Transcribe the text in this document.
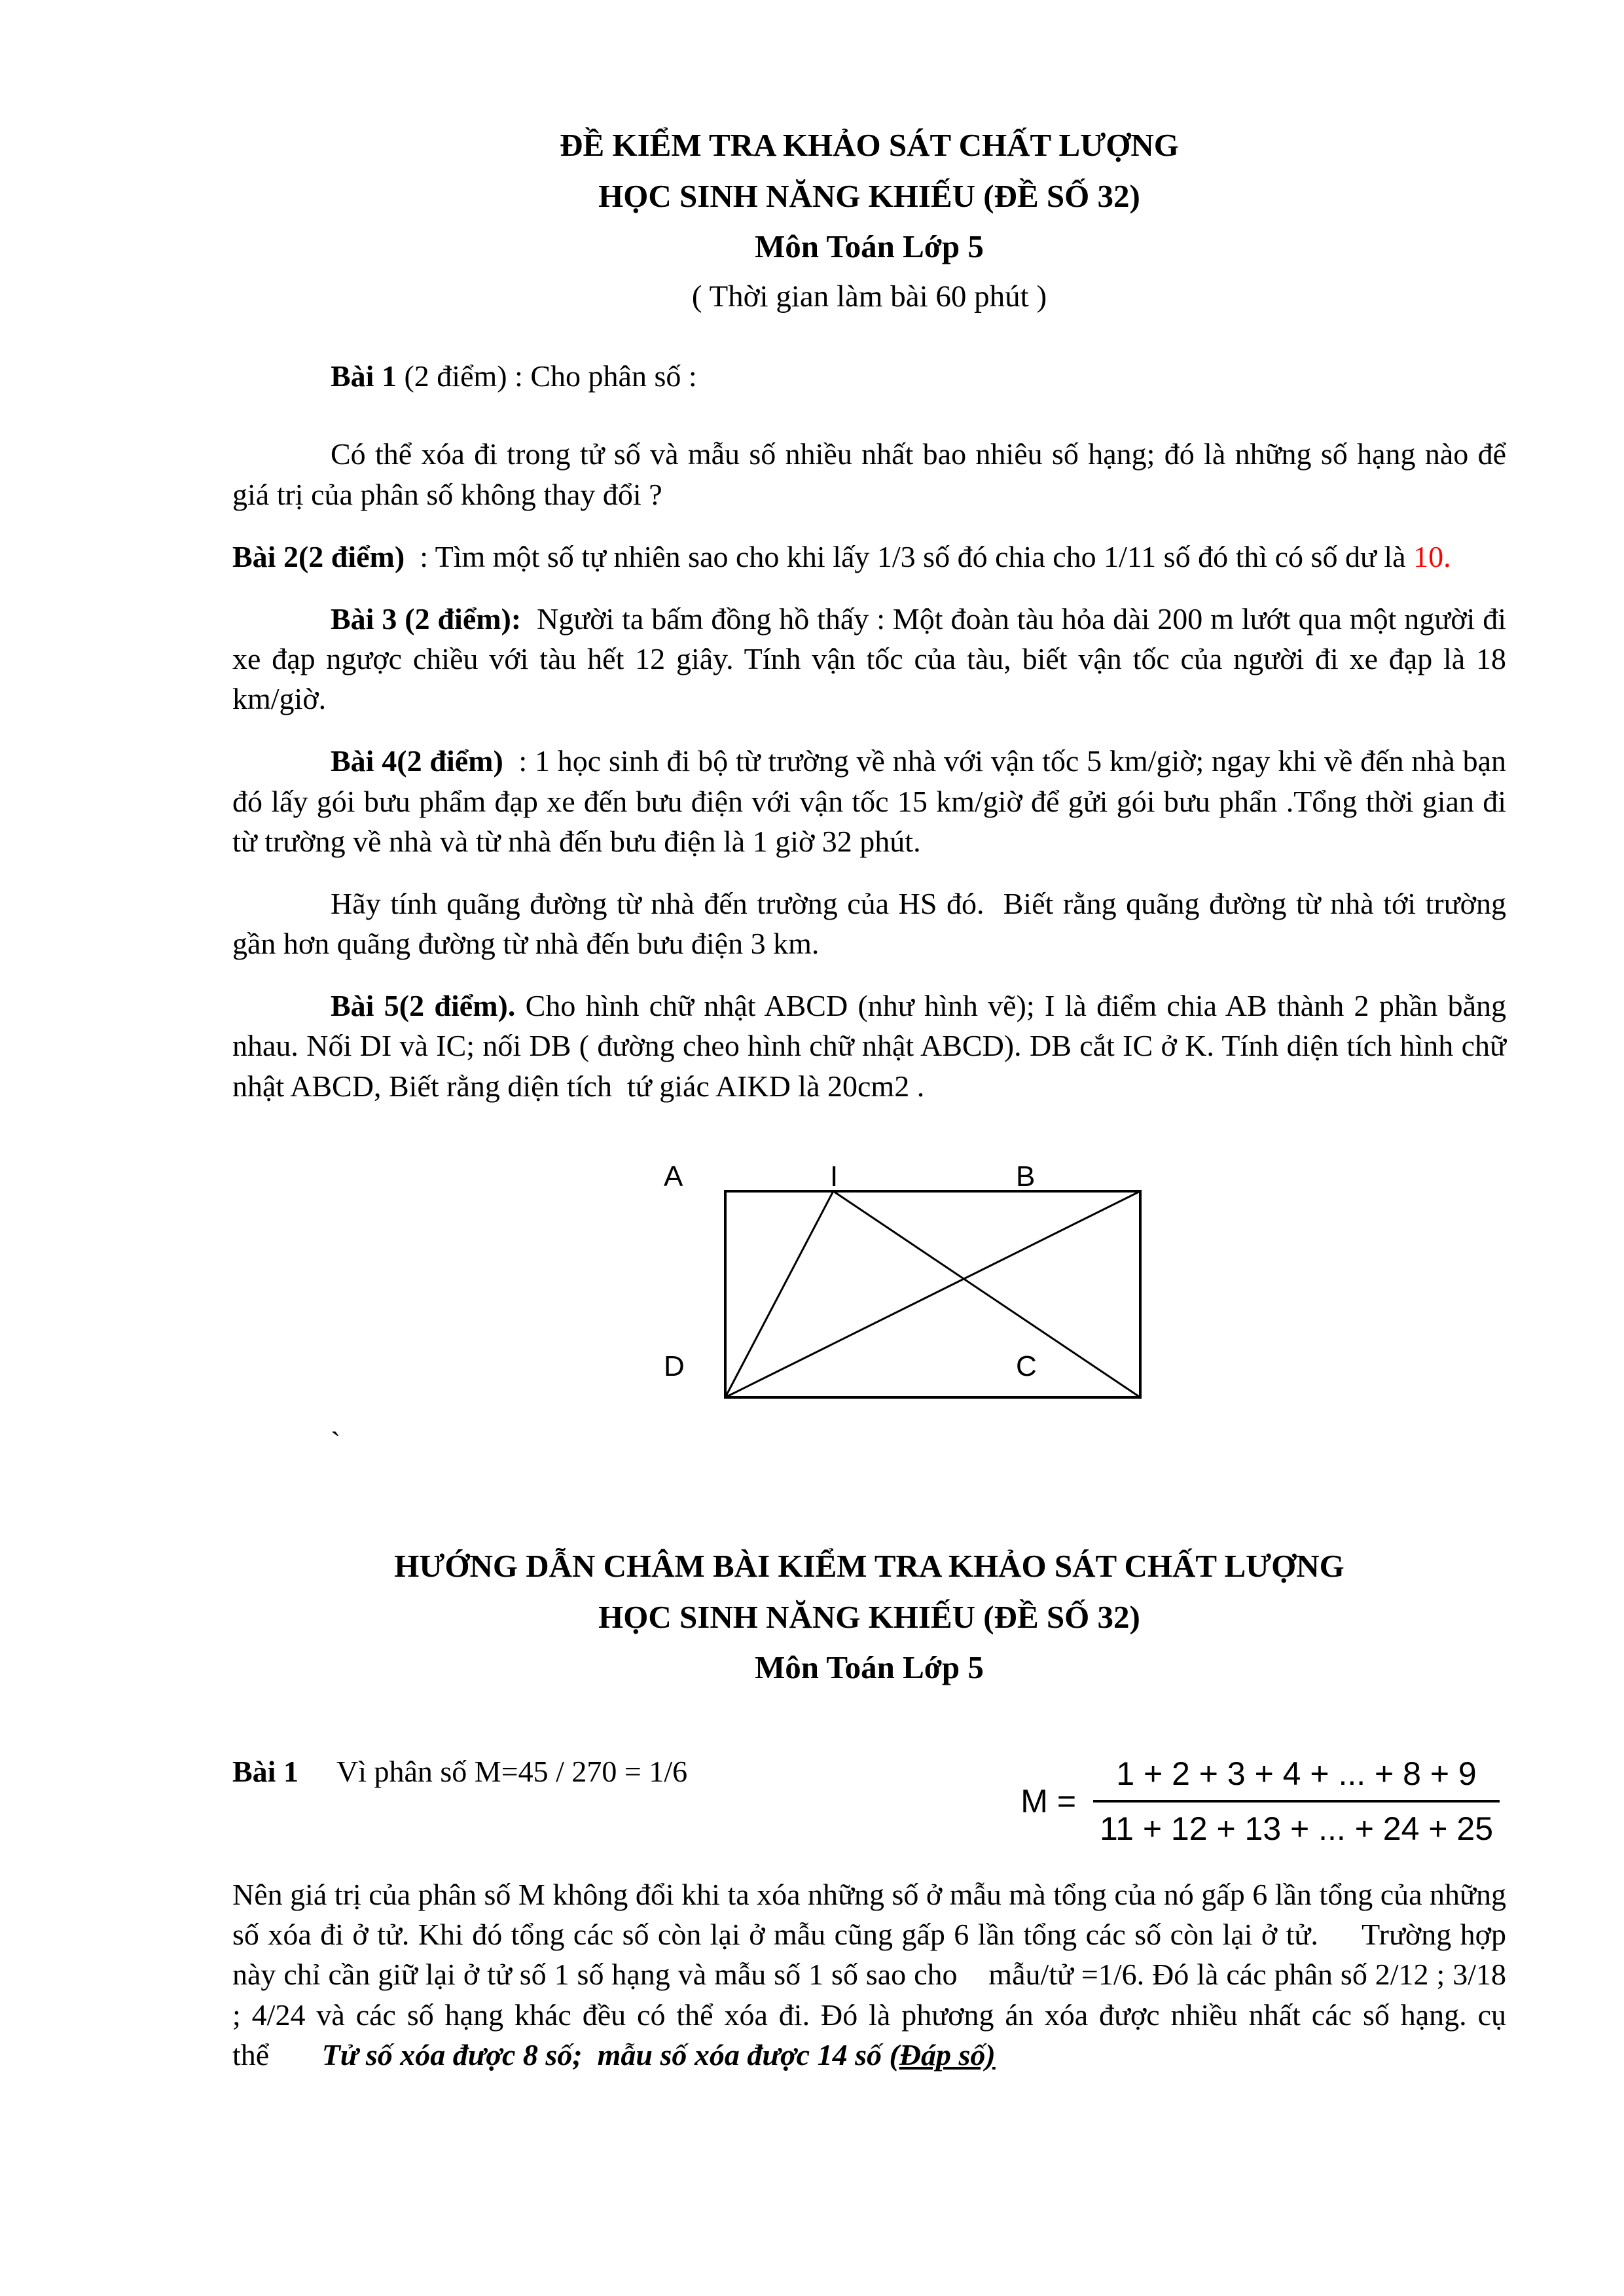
ĐỀ KIỂM TRA KHẢO SÁT CHẤT LƯỢNG
HỌC SINH NĂNG KHIẾU (ĐỀ SỐ 32)
Môn Toán Lớp 5
( Thời gian làm bài 60 phút )

Bài 1 (2 điểm) : Cho phân số :

Có thể xóa đi trong tử số và mẫu số nhiều nhất bao nhiêu số hạng; đó là những số hạng nào để giá trị của phân số không thay đổi ?

Bài 2(2 điểm)  : Tìm một số tự nhiên sao cho khi lấy 1/3 số đó chia cho 1/11 số đó thì có số dư là 10.

Bài 3 (2 điểm):  Người ta bấm đồng hồ thấy : Một đoàn tàu hỏa dài 200 m lướt qua một người đi xe đạp ngược chiều với tàu hết 12 giây. Tính vận tốc của tàu, biết vận tốc của người đi xe đạp là 18 km/giờ.

Bài 4(2 điểm)  : 1 học sinh đi bộ từ trường về nhà với vận tốc 5 km/giờ; ngay khi về đến nhà bạn đó lấy gói bưu phẩm đạp xe đến bưu điện với vận tốc 15 km/giờ để gửi gói bưu phẩn .Tổng thời gian đi từ trường về nhà và từ nhà đến bưu điện là 1 giờ 32 phút.

Hãy tính quãng đường từ nhà đến trường của HS đó.  Biết rằng quãng đường từ nhà tới trường gần hơn quãng đường từ nhà đến bưu điện 3 km.

Bài 5(2 điểm). Cho hình chữ nhật ABCD (như hình vẽ); I là điểm chia AB thành 2 phần bằng nhau. Nối DI và IC; nối DB ( đường cheo hình chữ nhật ABCD). DB cắt IC ở K. Tính diện tích hình chữ nhật ABCD, Biết rằng diện tích  tứ giác AIKD là 20cm2 .

A	I	B
D	C
`
HƯỚNG DẪN CHÂM BÀI KIỂM TRA KHẢO SÁT CHẤT LƯỢNG
HỌC SINH NĂNG KHIẾU (ĐỀ SỐ 32)
Môn Toán Lớp 5
Bài 1 Vì phân số M=45 / 270 = 1/6
$M = \frac{1 + 2 + 3 + 4 + ... + 8 + 9}{11 + 12 + 13 + ... + 24 + 25}$

Nên giá trị của phân số M không đổi khi ta xóa những số ở mẫu mà tổng của nó gấp 6 lần tổng của những số xóa đi ở tử. Khi đó tổng các số còn lại ở mẫu cũng gấp 6 lần tổng các số còn lại ở tử.     Trường hợp này chỉ cần giữ lại ở tử số 1 số hạng và mẫu số 1 số sao cho    mẫu/tử =1/6. Đó là các phân số 2/12 ; 3/18 ; 4/24 và các số hạng khác đều có thể xóa đi. Đó là phương án xóa được nhiều nhất các số hạng. cụ thể       Tử số xóa được 8 số;  mẫu số xóa được 14 số (Đáp số)
